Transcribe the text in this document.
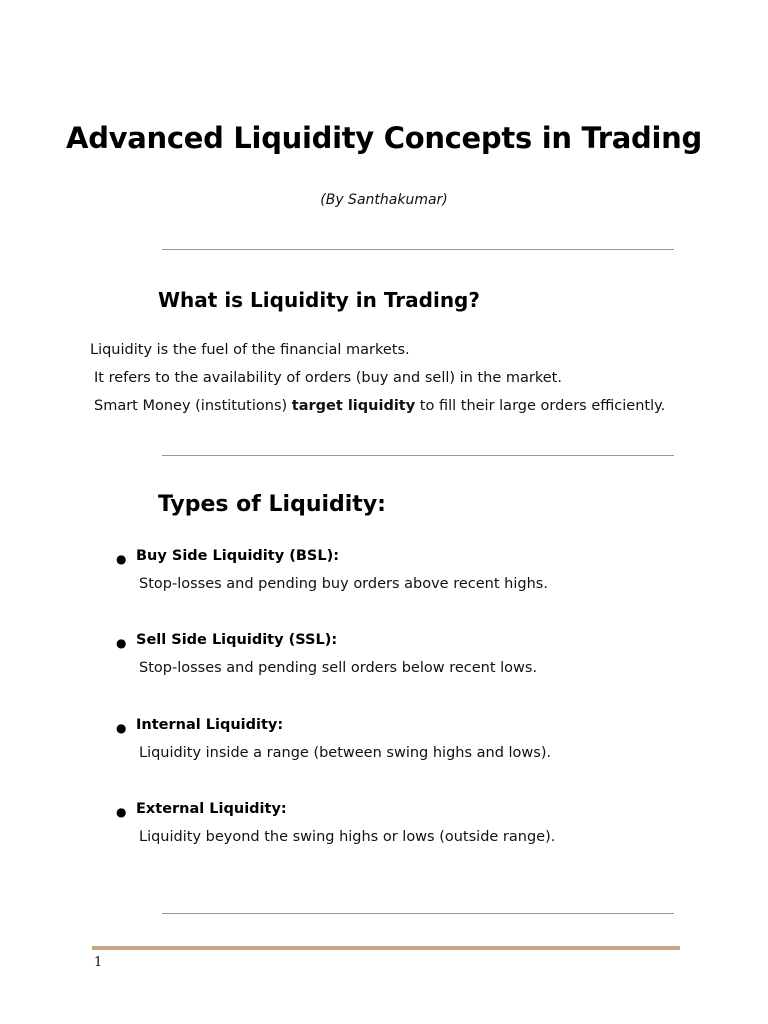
Advanced Liquidity Concepts in Trading
(By Santhakumar)
What is Liquidity in Trading?
Liquidity is the fuel of the financial markets.
It refers to the availability of orders (buy and sell) in the market.
Smart Money (institutions) target liquidity to fill their large orders efficiently.
Types of Liquidity:
● Buy Side Liquidity (BSL):
Stop-losses and pending buy orders above recent highs.
● Sell Side Liquidity (SSL):
Stop-losses and pending sell orders below recent lows.
● Internal Liquidity:
Liquidity inside a range (between swing highs and lows).
● External Liquidity:
Liquidity beyond the swing highs or lows (outside range).
1
